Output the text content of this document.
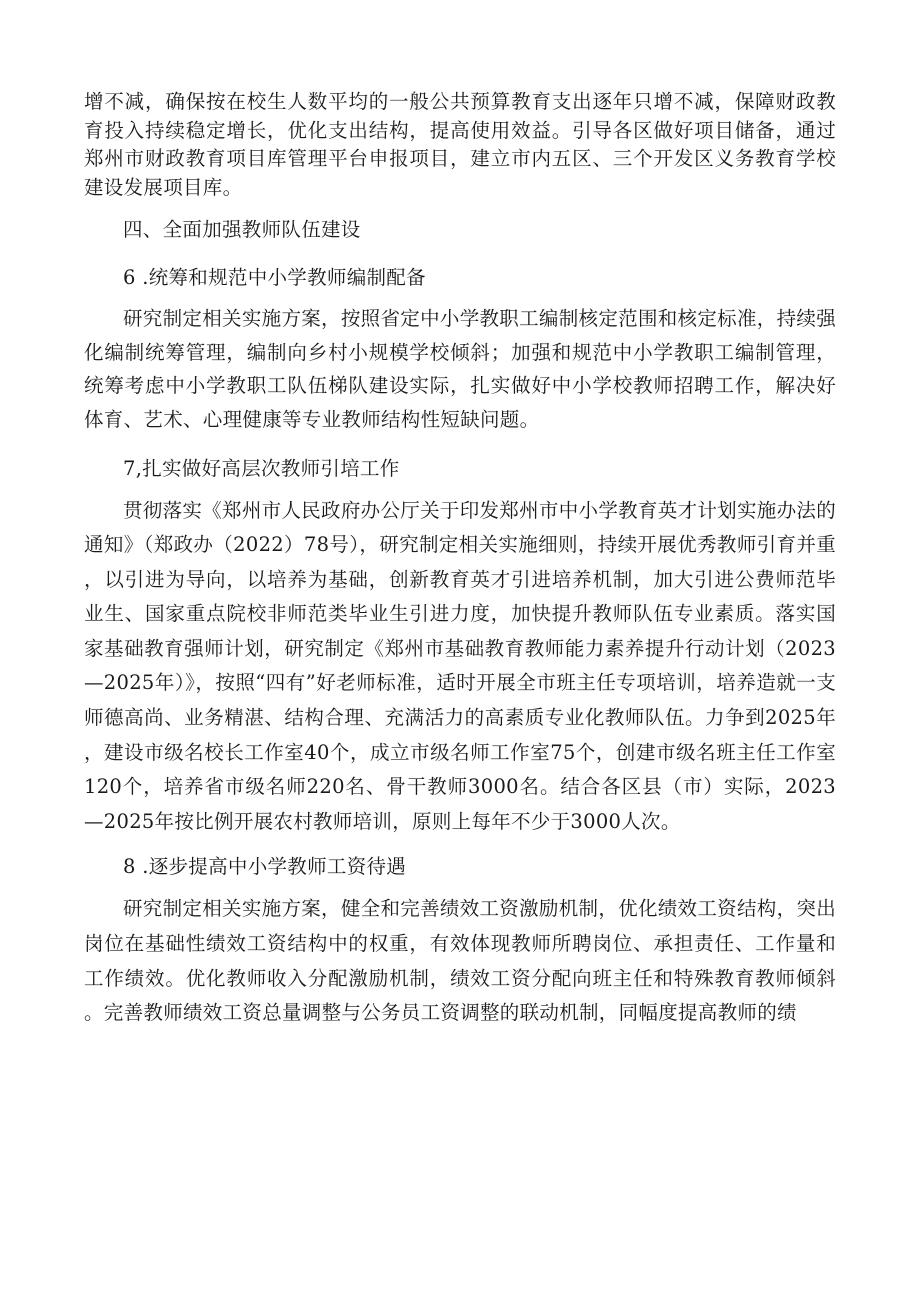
增不减，确保按在校生人数平均的一般公共预算教育支出逐年只增不减，保障财政教育投入持续稳定增长，优化支出结构，提高使用效益。引导各区做好项目储备，通过郑州市财政教育项目库管理平台申报项目，建立市内五区、三个开发区义务教育学校建设发展项目库。

四、全面加强教师队伍建设

6 .统筹和规范中小学教师编制配备

研究制定相关实施方案，按照省定中小学教职工编制核定范围和核定标准，持续强化编制统筹管理，编制向乡村小规模学校倾斜；加强和规范中小学教职工编制管理，统筹考虑中小学教职工队伍梯队建设实际，扎实做好中小学校教师招聘工作，解决好体育、艺术、心理健康等专业教师结构性短缺问题。

7,扎实做好高层次教师引培工作

贯彻落实《郑州市人民政府办公厅关于印发郑州市中小学教育英才计划实施办法的通知》（郑政办（2022）78号），研究制定相关实施细则，持续开展优秀教师引育并重，以引进为导向，以培养为基础，创新教育英才引进培养机制，加大引进公费师范毕业生、国家重点院校非师范类毕业生引进力度，加快提升教师队伍专业素质。落实国家基础教育强师计划，研究制定《郑州市基础教育教师能力素养提升行动计划（2023—2025年）》，按照“四有”好老师标准，适时开展全市班主任专项培训，培养造就一支师德高尚、业务精湛、结构合理、充满活力的高素质专业化教师队伍。力争到2025年，建设市级名校长工作室40个，成立市级名师工作室75个，创建市级名班主任工作室120个，培养省市级名师220名、骨干教师3000名。结合各区县（市）实际，2023—2025年按比例开展农村教师培训，原则上每年不少于3000人次。

8 .逐步提高中小学教师工资待遇

研究制定相关实施方案，健全和完善绩效工资激励机制，优化绩效工资结构，突出岗位在基础性绩效工资结构中的权重，有效体现教师所聘岗位、承担责任、工作量和工作绩效。优化教师收入分配激励机制，绩效工资分配向班主任和特殊教育教师倾斜。完善教师绩效工资总量调整与公务员工资调整的联动机制，同幅度提高教师的绩
